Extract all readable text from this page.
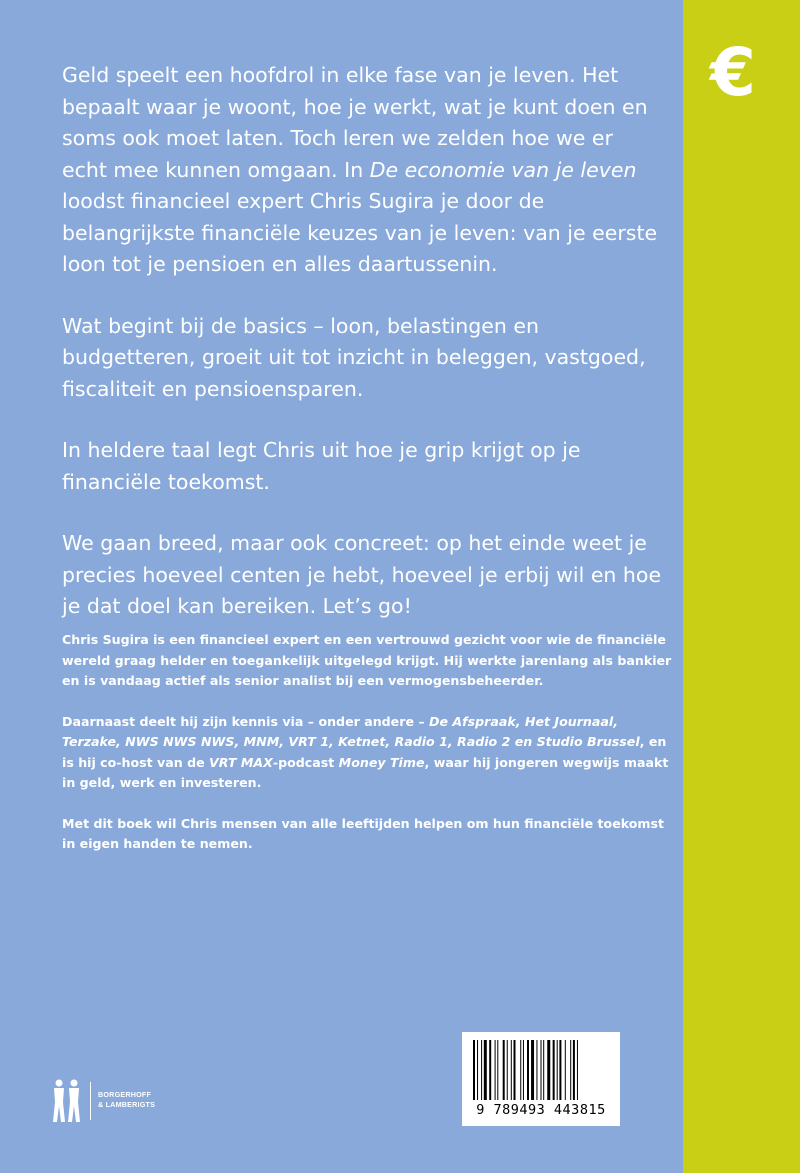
€

Geld speelt een hoofdrol in elke fase van je leven. Het bepaalt waar je woont, hoe je werkt, wat je kunt doen en soms ook moet laten. Toch leren we zelden hoe we er echt mee kunnen omgaan. In De economie van je leven loodst financieel expert Chris Sugira je door de belangrijkste financiële keuzes van je leven: van je eerste loon tot je pensioen en alles daartussenin.

Wat begint bij de basics – loon, belastingen en budgetteren, groeit uit tot inzicht in beleggen, vastgoed, fiscaliteit en pensioensparen.

In heldere taal legt Chris uit hoe je grip krijgt op je financiële toekomst.

We gaan breed, maar ook concreet: op het einde weet je precies hoeveel centen je hebt, hoeveel je erbij wil en hoe je dat doel kan bereiken. Let’s go!

Chris Sugira is een financieel expert en een vertrouwd gezicht voor wie de financiële wereld graag helder en toegankelijk uitgelegd krijgt. Hij werkte jarenlang als bankier en is vandaag actief als senior analist bij een vermogensbeheerder.

Daarnaast deelt hij zijn kennis via – onder andere – De Afspraak, Het Journaal, Terzake, NWS NWS NWS, MNM, VRT 1, Ketnet, Radio 1, Radio 2 en Studio Brussel, en is hij co-host van de VRT MAX-podcast Money Time, waar hij jongeren wegwijs maakt in geld, werk en investeren.

Met dit boek wil Chris mensen van alle leeftijden helpen om hun financiële toekomst in eigen handen te nemen.

BORGERHOFF
& LAMBERIGTS	9 789493 443815
